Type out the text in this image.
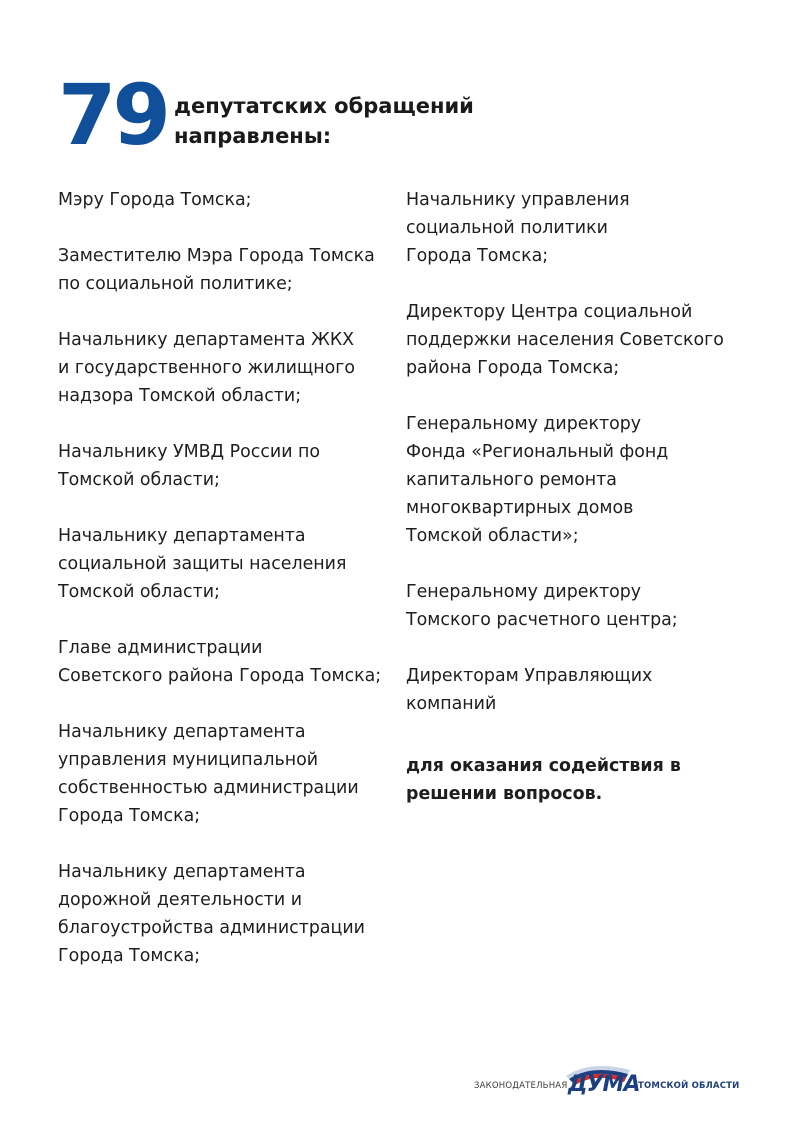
79 депутатских обращений
направлены:
Мэру Города Томска;
Заместителю Мэра Города Томска
по социальной политике;
Начальнику департамента ЖКХ
и государственного жилищного
надзора Томской области;
Начальнику УМВД России по
Томской области;
Начальнику департамента
социальной защиты населения
Томской области;
Главе администрации
Советского района Города Томска;
Начальнику департамента
управления муниципальной
собственностью администрации
Города Томска;
Начальнику департамента
дорожной деятельности и
благоустройства администрации
Города Томска;
Начальнику управления
социальной политики
Города Томска;
Директору Центра социальной
поддержки населения Советского
района Города Томска;
Генеральному директору
Фонда «Региональный фонд
капитального ремонта
многоквартирных домов
Томской области»;
Генеральному директору
Томского расчетного центра;
Директорам Управляющих
компаний
для оказания содействия в
решении вопросов.
ЗАКОНОДАТЕЛЬНАЯ ДУМА
ТОМСКОЙ ОБЛАСТИ
